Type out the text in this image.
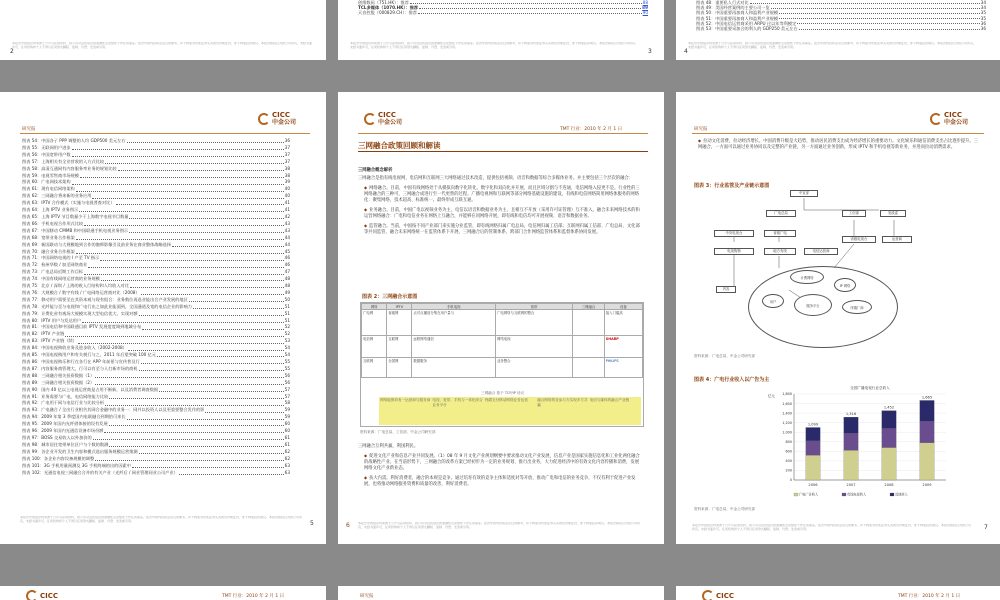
本报告中的信息均来源于公开可获得资料，我公司对这些信息的准确性及完整性不作任何保证。报告中的内容和意见仅供参考，并不构成对所述证券买卖的出价或征价，亦不构成投资建议。本报告版权仅为我公司所有，未经书面许可，任何机构和个人不得以任何形式翻版、复制、刊登、发表或引用。
2
创维数码（751.HK）：推荐	88
TCL多媒体（1070.HK）：推荐	89
天音控股（000829.CH）：推荐	90
本报告中的信息均来源于公开可获得资料，我公司对这些信息的准确性及完整性不作任何保证。报告中的内容和意见仅供参考，并不构成对所述证券买卖的出价或征价，亦不构成投资建议。本报告版权仅为我公司所有，未经书面许可，任何机构和个人不得以任何形式翻版、复制、刊登、发表或引用。
3
图表 48：重要私人行式对比	34
图表 49：美国经营案例的主要公司一览	34
图表 50：中国重要再加商人和盈利产业规模	35
图表 51：中国重要再加商人和盈利产业规模	35
图表 52：中国电信运营商采用 ARPU 过以年等利模定	36
图表 53：中国重要采加合的利人的 GDP250 美元左右	36
本报告中的信息均来源于公开可获得资料，我公司对这些信息的准确性及完整性不作任何保证。报告中的内容和意见仅供参考，并不构成对所述证券买卖的出价或征价，亦不构成投资建议。本报告版权仅为我公司所有，未经书面许可，任何机构和个人不得以任何形式翻版、复制、刊登、发表或引用。
4
CICC
中金公司
研究报
图表 54：中国各子 PPP 调整的人均 GDP500 美元左右	36
图表 55：无联网用户进步	37
图表 56：中国宽带用户数	37
图表 57：上海相关有全业营收的入方式比较	37
图表 58：高清互通网有内容服务率业务的规划比较	38
图表 59：电视零售商市场规模	38
图表 60：广电网技术架构	39
图表 61：现有电信网络架构	40
图表 62：三网融合将来新的业务应用	40
图表 63：IPTV 合作模式（实施与电视普查对比）	41
图表 64：上海 IPTV 业务图示	41
图表 65：上海 IPTV 节目数量少于上海数字电视节目数量	42
图表 66：手机电视合作形式比较	43
图表 67：中国移动 CMMB 和中国联通手机电视业务图示	43
图表 68：宽带业务合作框架	44
图表 69：新国联动与大规模地到合作的伽师影像引及前业务在商业整体战略选择	44
图表 70：融合业务合作框架	45
图表 71：中国网络电视的 I 产至 TV 指示	46
图表 72：杭州华数 / 加至网络商业	46
图表 73：广电总局近期工作目标	47
图表 74：中国有线网络运营商的业务规模	48
图表 75：北京 / 深圳 / 上海的收入行结构和人均收入对比	48
图表 76：大规模合 / 数字有线 / 广电网络运营商对比（2008）	49
图表 77：移动用户需要至在其资本观与现有组合：业务数位再选业能出合产业发展的地区	50
图表 78：光纤能与至与电视和广电行出之如此业能面到，全国通道及宽的电信企业的影响力	51
图表 79：计费化省有观场大规模实现大型电信优大、实现对额	51
图表 80：IPTV 用户与发达用户	51
图表 81：中国电信和中国联通目前 IPTV 发展度度调到地域分布	52
图表 82：IPTV 产业链	52
图表 83：IPTV 产业链（续）	53
图表 84：中国电视购收业务及进步收入（2002-2008）	54
图表 85：中国电视购用户和有关税行与之，2011 年后望突破 100 亿元	54
图表 86：中国电视购乐和行在各行在 APP 年前景与宣传普及行	55
图表 87：内容服务商管理大，行可以有至与人打新市场的商机	55
图表 88：三网融合相关投资数据（1）	56
图表 89：三网融合相关投资数据（2）	56
图表 90：国内 40 亿以上电视运营商是占用不断新，以及消费者调查数据	57
图表 91：业务需要与广电，电信网络能力比较	57
图表 92：广电用于网与电信行业与比较分析	58
图表 93：广电融合 / 全出行业相告其网合金融中的业务一：网并以投资人以及更重要整合发作的影	59
图表 94：2009 年第 3 季度国内电联融合到期的可来长	59
图表 95：2009 年国内光纤借体接的设有发展	60
图表 96：2009 年国内光通信设备市场份额	60
图表 97：BOSS 交易收入以外加价的	61
图表 98：城市居住宽带单位区户与个数的数测	61
图表 99：各企业开发的卫生内容和模式选出服务规模运营推测	62
图表 100：各企业内容设备规模的调整	62
图表 101：3G 手机用量预测及 3G 手机终端的出的因素中	63
图表 102：光通信电视三网融合合并的有关产业（光纤后 / 网业管理同业公司产业）	63
本报告中的信息均来源于公开可获得资料，我公司对这些信息的准确性及完整性不作任何保证。报告中的内容和意见仅供参考，并不构成对所述证券买卖的出价或征价，亦不构成投资建议。本报告版权仅为我公司所有，未经书面许可，任何机构和个人不得以任何形式翻版、复制、刊登、发表或引用。	5
CICC
中金公司
TMT 行业：2010 年 2 月 1 日
三网融合政策回顾和解读
三网融合概念解析
三网融合是指有线电视网、电信网和互联网三大网络通过技术改造，提供包括视频、语音和数据等综合多媒体业务。并主要包括三个层次的融合：
◆ 网络融合。目前，中国有线网络处于从模拟向数字化转化，数字化和双向化并开展，而且区域分割与不连通，电信网络入侵更不是。行业性的三网络融合的三种可，三网融合成进行至一代更替的过程。广播电视网和互联网等部分网络基础设施的建设，有线和电信网络简用网络体服务的网络化：聚集网络，技术超高、标准统一。最终形成互联互通。
◆ 业务融合。目前，中国广电以视频业务为主，电信以语音和数据业务为主，且相互不开放（采用许可证管理）互不准入，融合未来网络技术的和运营网络融合：广电和电信业务在网络上互融合，并能够在同网络开展，即有线和电信均可开展视频、语音和数据业务。
◆ 监管融合。当前，中国按不同产业部门来实施分业监管，即有线网络归属广电总局，电信网归属工信部；互联网归属工信部、广电总局、文化部等共同监管，融合未来网络统一在监管体系下开展，三网融合后的管制体系、跨部门合作网络监管体系和监督体系协同发展。
图表 2：三网融合示意图
网络	IPTV	手机电视	宽带	三网融合	设备
广电网	省级网	点对点播放分集在用户量与	广电网络与互联网的整合		接入门槛高
电信网	互联网	远程网络通信	网络电视		SHARP
互联网	全国网	数据服务	业务整合		PHILIPS
三网融合 基于 TCP/IP 协议
网络能保持有一运营商与服务商 电视、宽带、手机与一体化综合业务平台
终端支付移动网络业务运营	融合网络的各参与方实现多方共赢
电信与媒体的融合产业链
资料来源：广电总局，工信部，中金公司研究部
三网融合互利共赢，利国利民。
◆ 促进文化产业和信息产业共同发展。（1）08 年 9 月文化产业规划纲要中要求推动文化产业发展，信息产业是国家实施信息化和工业化两化融合的战略性产业。在当前形势下，三网融合的改革方案已经初步为一定的业务规划、推行出业务，大力促进经济中的有效文化内容传播和消费，发展网络文化产业新业态。
◆ 扶大内需。利好消费者，融合的本规是竞争。通过培育有效的竞争主体和适度对等开放，推动广电和电信的业务竞争，不仅有利于促进产业发展，也将推动网络服务资费和质量的改善，利好消费者。
本报告中的信息均来源于公开可获得资料，我公司对这些信息的准确性及完整性不作任何保证。报告中的内容和意见仅供参考，并不构成对所述证券买卖的出价或征价，亦不构成投资建议。本报告版权仅为我公司所有，未经书面许可，任何机构和个人不得以任何形式翻版、复制、刊登、发表或引用。
6
CICC
中金公司
研究报
◆ 拉动文化消费，拉动经济增长。中国消费升级是大趋势，推动居民消费支出成为经济增长的重要动力。文化娱乐和通信消费支出占比逐步提升。三网融合，一方面可以通过业务协同以及完整的产业链，另一方面通过业务创新，形成 IPTV 和手机电视等新业务，并进而拉动消费需求。
图表 3：行业监管及产业链示意图
中宣部
广电总局	工信部	发改委
中央电视台	省级广电
省级电视台	运营商
地方有线	电信运营商
电视购物
内容
计费网络
IP 网络
用户
服务平台	终端厂商
资料来源：广电总局，中金公司研究部
图表 4：广电行业收入以广告为主
全国广播电视行业总收入
亿元
0
200
400
600
800
1,000
1,200
1,400
1,600
1,800
1,099
2006
1,316
2007
1,452
2008
1,665
2009
广电广告收入	有线电视收入	其他收入
资料来源：广电总局，中金公司研究部
本报告中的信息均来源于公开可获得资料，我公司对这些信息的准确性及完整性不作任何保证。报告中的内容和意见仅供参考，并不构成对所述证券买卖的出价或征价，亦不构成投资建议。本报告版权仅为我公司所有，未经书面许可，任何机构和个人不得以任何形式翻版、复制、刊登、发表或引用。	7
CICC	TMT 行业：2010 年 2 月 1 日	研究报	CICC	TMT 行业：2010 年 2 月 1 日
